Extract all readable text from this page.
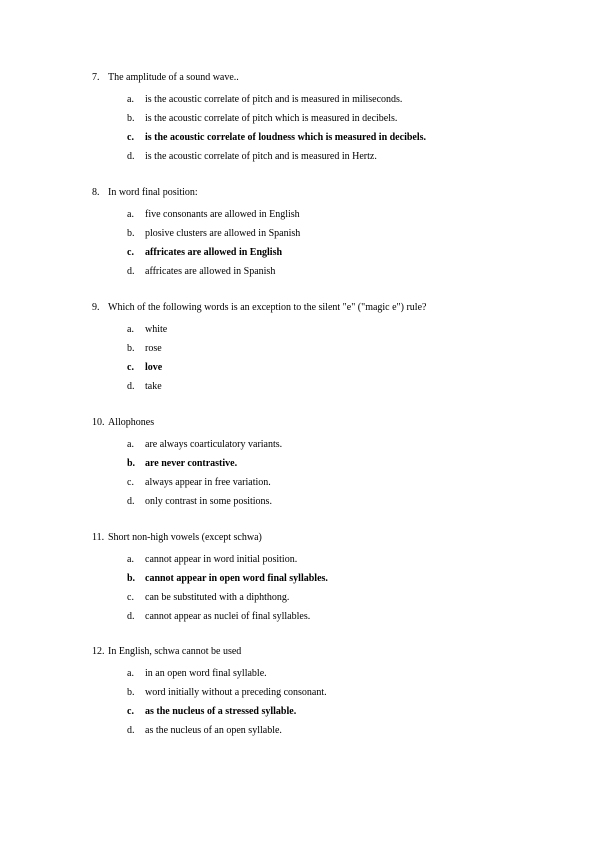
7. The amplitude of a sound wave..
a. is the acoustic correlate of pitch and is measured in miliseconds.
b. is the acoustic correlate of pitch which is measured in decibels.
c. is the acoustic correlate of loudness which is measured in decibels.
d. is the acoustic correlate of pitch and is measured in Hertz.
8. In word final position:
a. five consonants are allowed in English
b. plosive clusters are allowed in Spanish
c. affricates are allowed in English
d. affricates are allowed in Spanish
9. Which of the following words is an exception to the silent "e" ("magic e") rule?
a. white
b. rose
c. love
d. take
10. Allophones
a. are always coarticulatory variants.
b. are never contrastive.
c. always appear in free variation.
d. only contrast in some positions.
11. Short non-high vowels (except schwa)
a. cannot appear in word initial position.
b. cannot appear in open word final syllables.
c. can be substituted with a diphthong.
d. cannot appear as nuclei of final syllables.
12. In English, schwa cannot be used
a. in an open word final syllable.
b. word initially without a preceding consonant.
c. as the nucleus of a stressed syllable.
d. as the nucleus of an open syllable.
